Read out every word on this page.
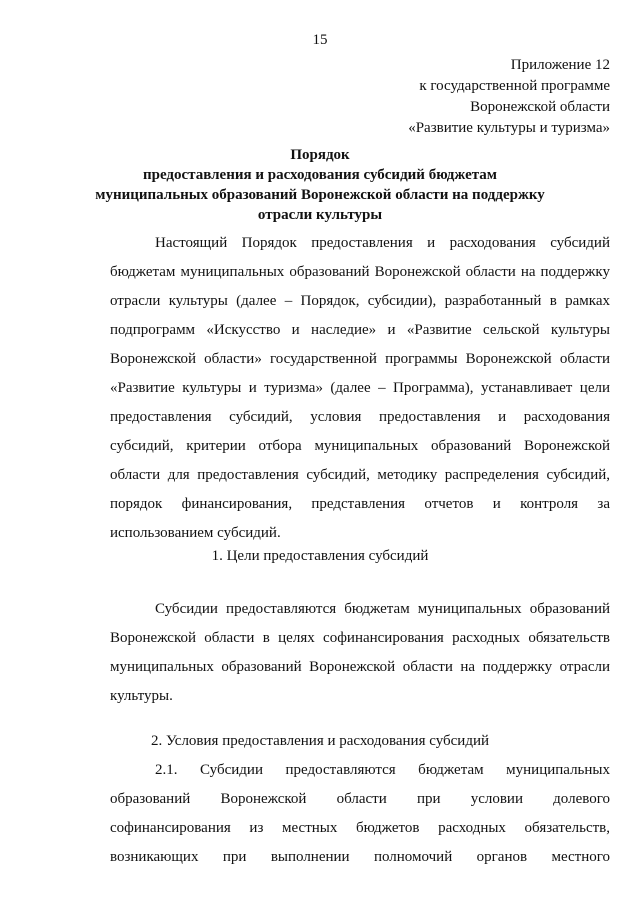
15
Приложение 12
к государственной программе
Воронежской области
«Развитие культуры и туризма»
Порядок
предоставления и расходования субсидий бюджетам
муниципальных образований Воронежской области на поддержку
отрасли культуры
Настоящий Порядок предоставления и расходования субсидий
бюджетам муниципальных образований Воронежской области на поддержку
отрасли культуры (далее – Порядок, субсидии), разработанный в рамках
подпрограмм «Искусство и наследие» и «Развитие сельской культуры
Воронежской области» государственной программы Воронежской области
«Развитие культуры и туризма» (далее – Программа), устанавливает цели
предоставления субсидий, условия предоставления и расходования
субсидий, критерии отбора муниципальных образований Воронежской
области для предоставления субсидий, методику распределения субсидий,
порядок финансирования, представления отчетов и контроля за
использованием субсидий.
1. Цели предоставления субсидий
Субсидии предоставляются бюджетам муниципальных образований
Воронежской области в целях софинансирования расходных обязательств
муниципальных образований Воронежской области на поддержку отрасли
культуры.
2. Условия предоставления и расходования субсидий
2.1. Субсидии предоставляются бюджетам муниципальных
образований Воронежской области при условии долевого
софинансирования из местных бюджетов расходных обязательств,
возникающих при выполнении полномочий органов местного
